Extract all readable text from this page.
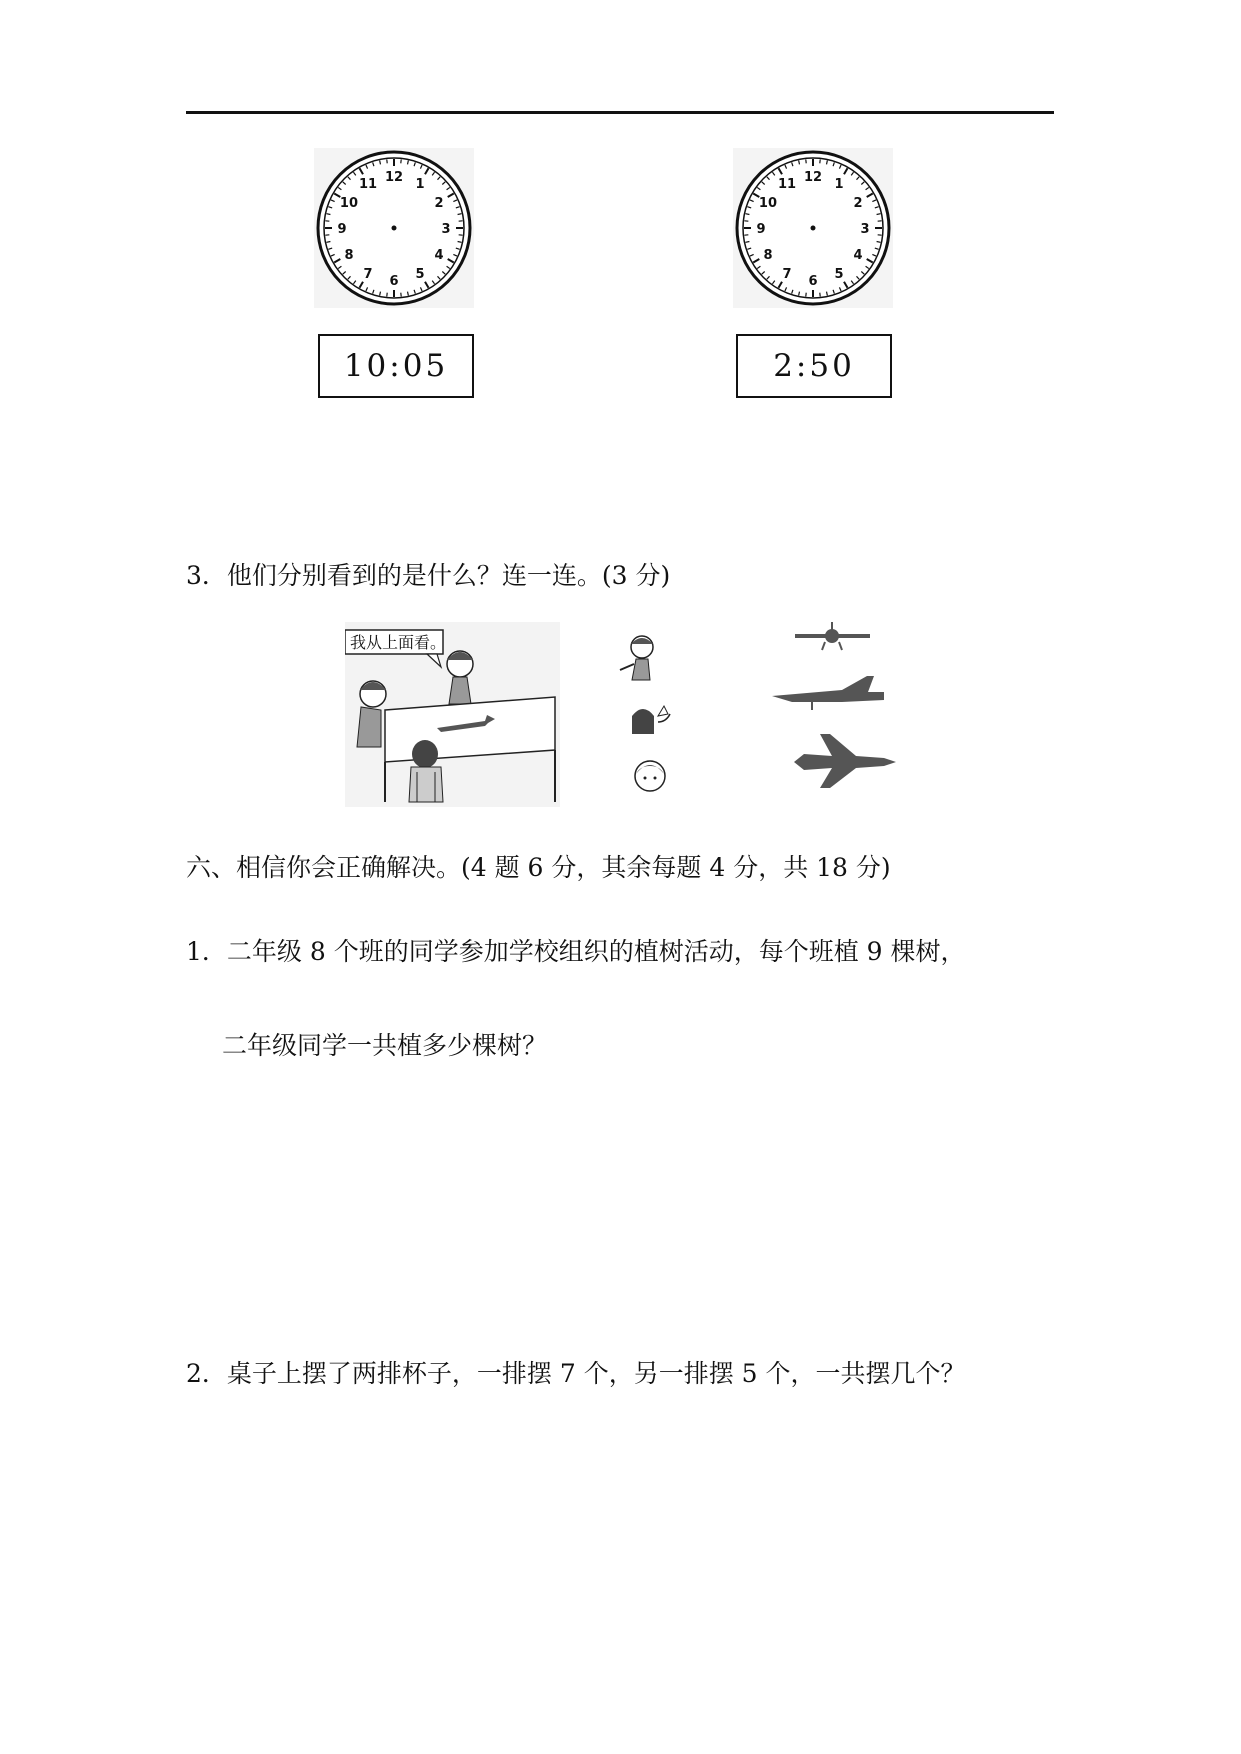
12 1
2
3
4
5
6
7
8
9
10
11
10:05
12 1
2
3
4
5
6
7
8
9
10
11
2:50
3．他们分别看到的是什么？连一连。(3 分)
我从上面看。
六、相信你会正确解决。(4 题 6 分，其余每题 4 分，共 18 分)
1．二年级 8 个班的同学参加学校组织的植树活动，每个班植 9 棵树，
二年级同学一共植多少棵树？
2．桌子上摆了两排杯子，一排摆 7 个，另一排摆 5 个，一共摆几个？
